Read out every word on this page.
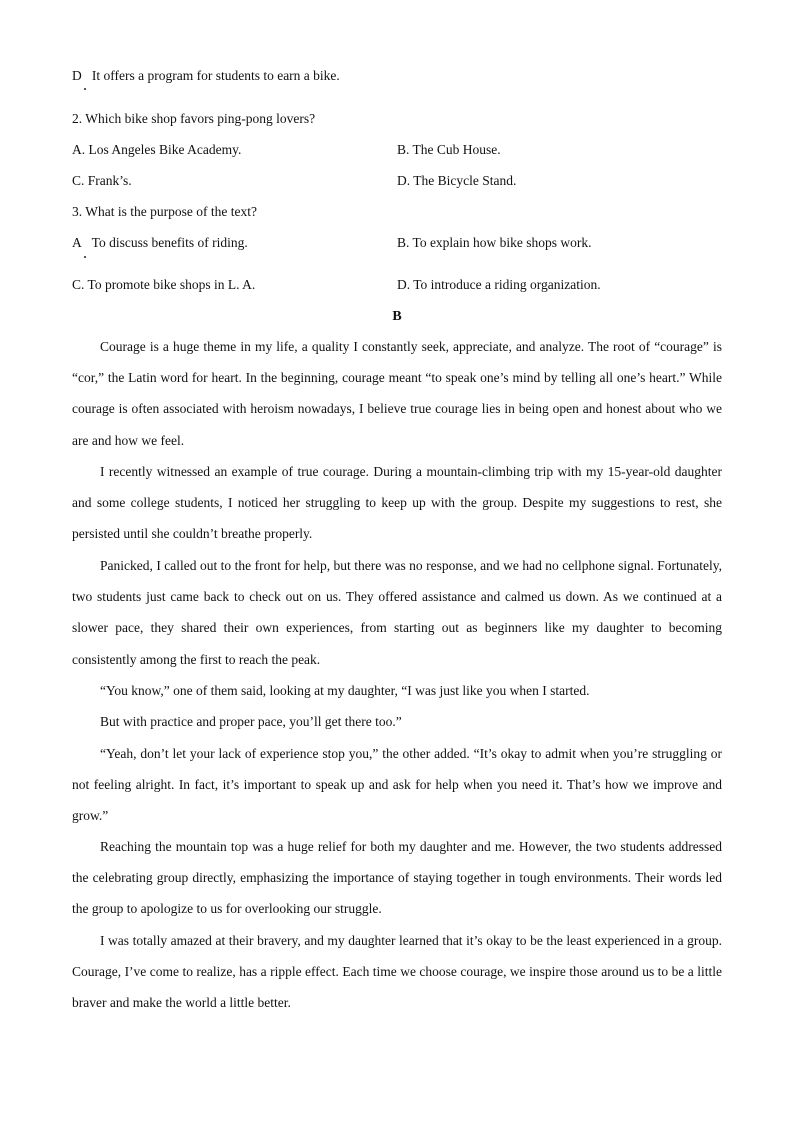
D It offers a program for students to earn a bike.
2. Which bike shop favors ping-pong lovers?
A. Los Angeles Bike Academy.	B. The Cub House.
C. Frank’s.	D. The Bicycle Stand.
3. What is the purpose of the text?
A To discuss benefits of riding.	B. To explain how bike shops work.
C. To promote bike shops in L. A.	D. To introduce a riding organization.
B

Courage is a huge theme in my life, a quality I constantly seek, appreciate, and analyze. The root of “courage” is “cor,” the Latin word for heart. In the beginning, courage meant “to speak one’s mind by telling all one’s heart.” While courage is often associated with heroism nowadays, I believe true courage lies in being open and honest about who we are and how we feel.

I recently witnessed an example of true courage. During a mountain-climbing trip with my 15-year-old daughter and some college students, I noticed her struggling to keep up with the group. Despite my suggestions to rest, she persisted until she couldn’t breathe properly.

Panicked, I called out to the front for help, but there was no response, and we had no cellphone signal. Fortunately, two students just came back to check out on us. They offered assistance and calmed us down. As we continued at a slower pace, they shared their own experiences, from starting out as beginners like my daughter to becoming consistently among the first to reach the peak.

“You know,” one of them said, looking at my daughter, “I was just like you when I started.

But with practice and proper pace, you’ll get there too.”

“Yeah, don’t let your lack of experience stop you,” the other added. “It’s okay to admit when you’re struggling or not feeling alright. In fact, it’s important to speak up and ask for help when you need it. That’s how we improve and grow.”

Reaching the mountain top was a huge relief for both my daughter and me. However, the two students addressed the celebrating group directly, emphasizing the importance of staying together in tough environments. Their words led the group to apologize to us for overlooking our struggle.

I was totally amazed at their bravery, and my daughter learned that it’s okay to be the least experienced in a group. Courage, I’ve come to realize, has a ripple effect. Each time we choose courage, we inspire those around us to be a little braver and make the world a little better.
